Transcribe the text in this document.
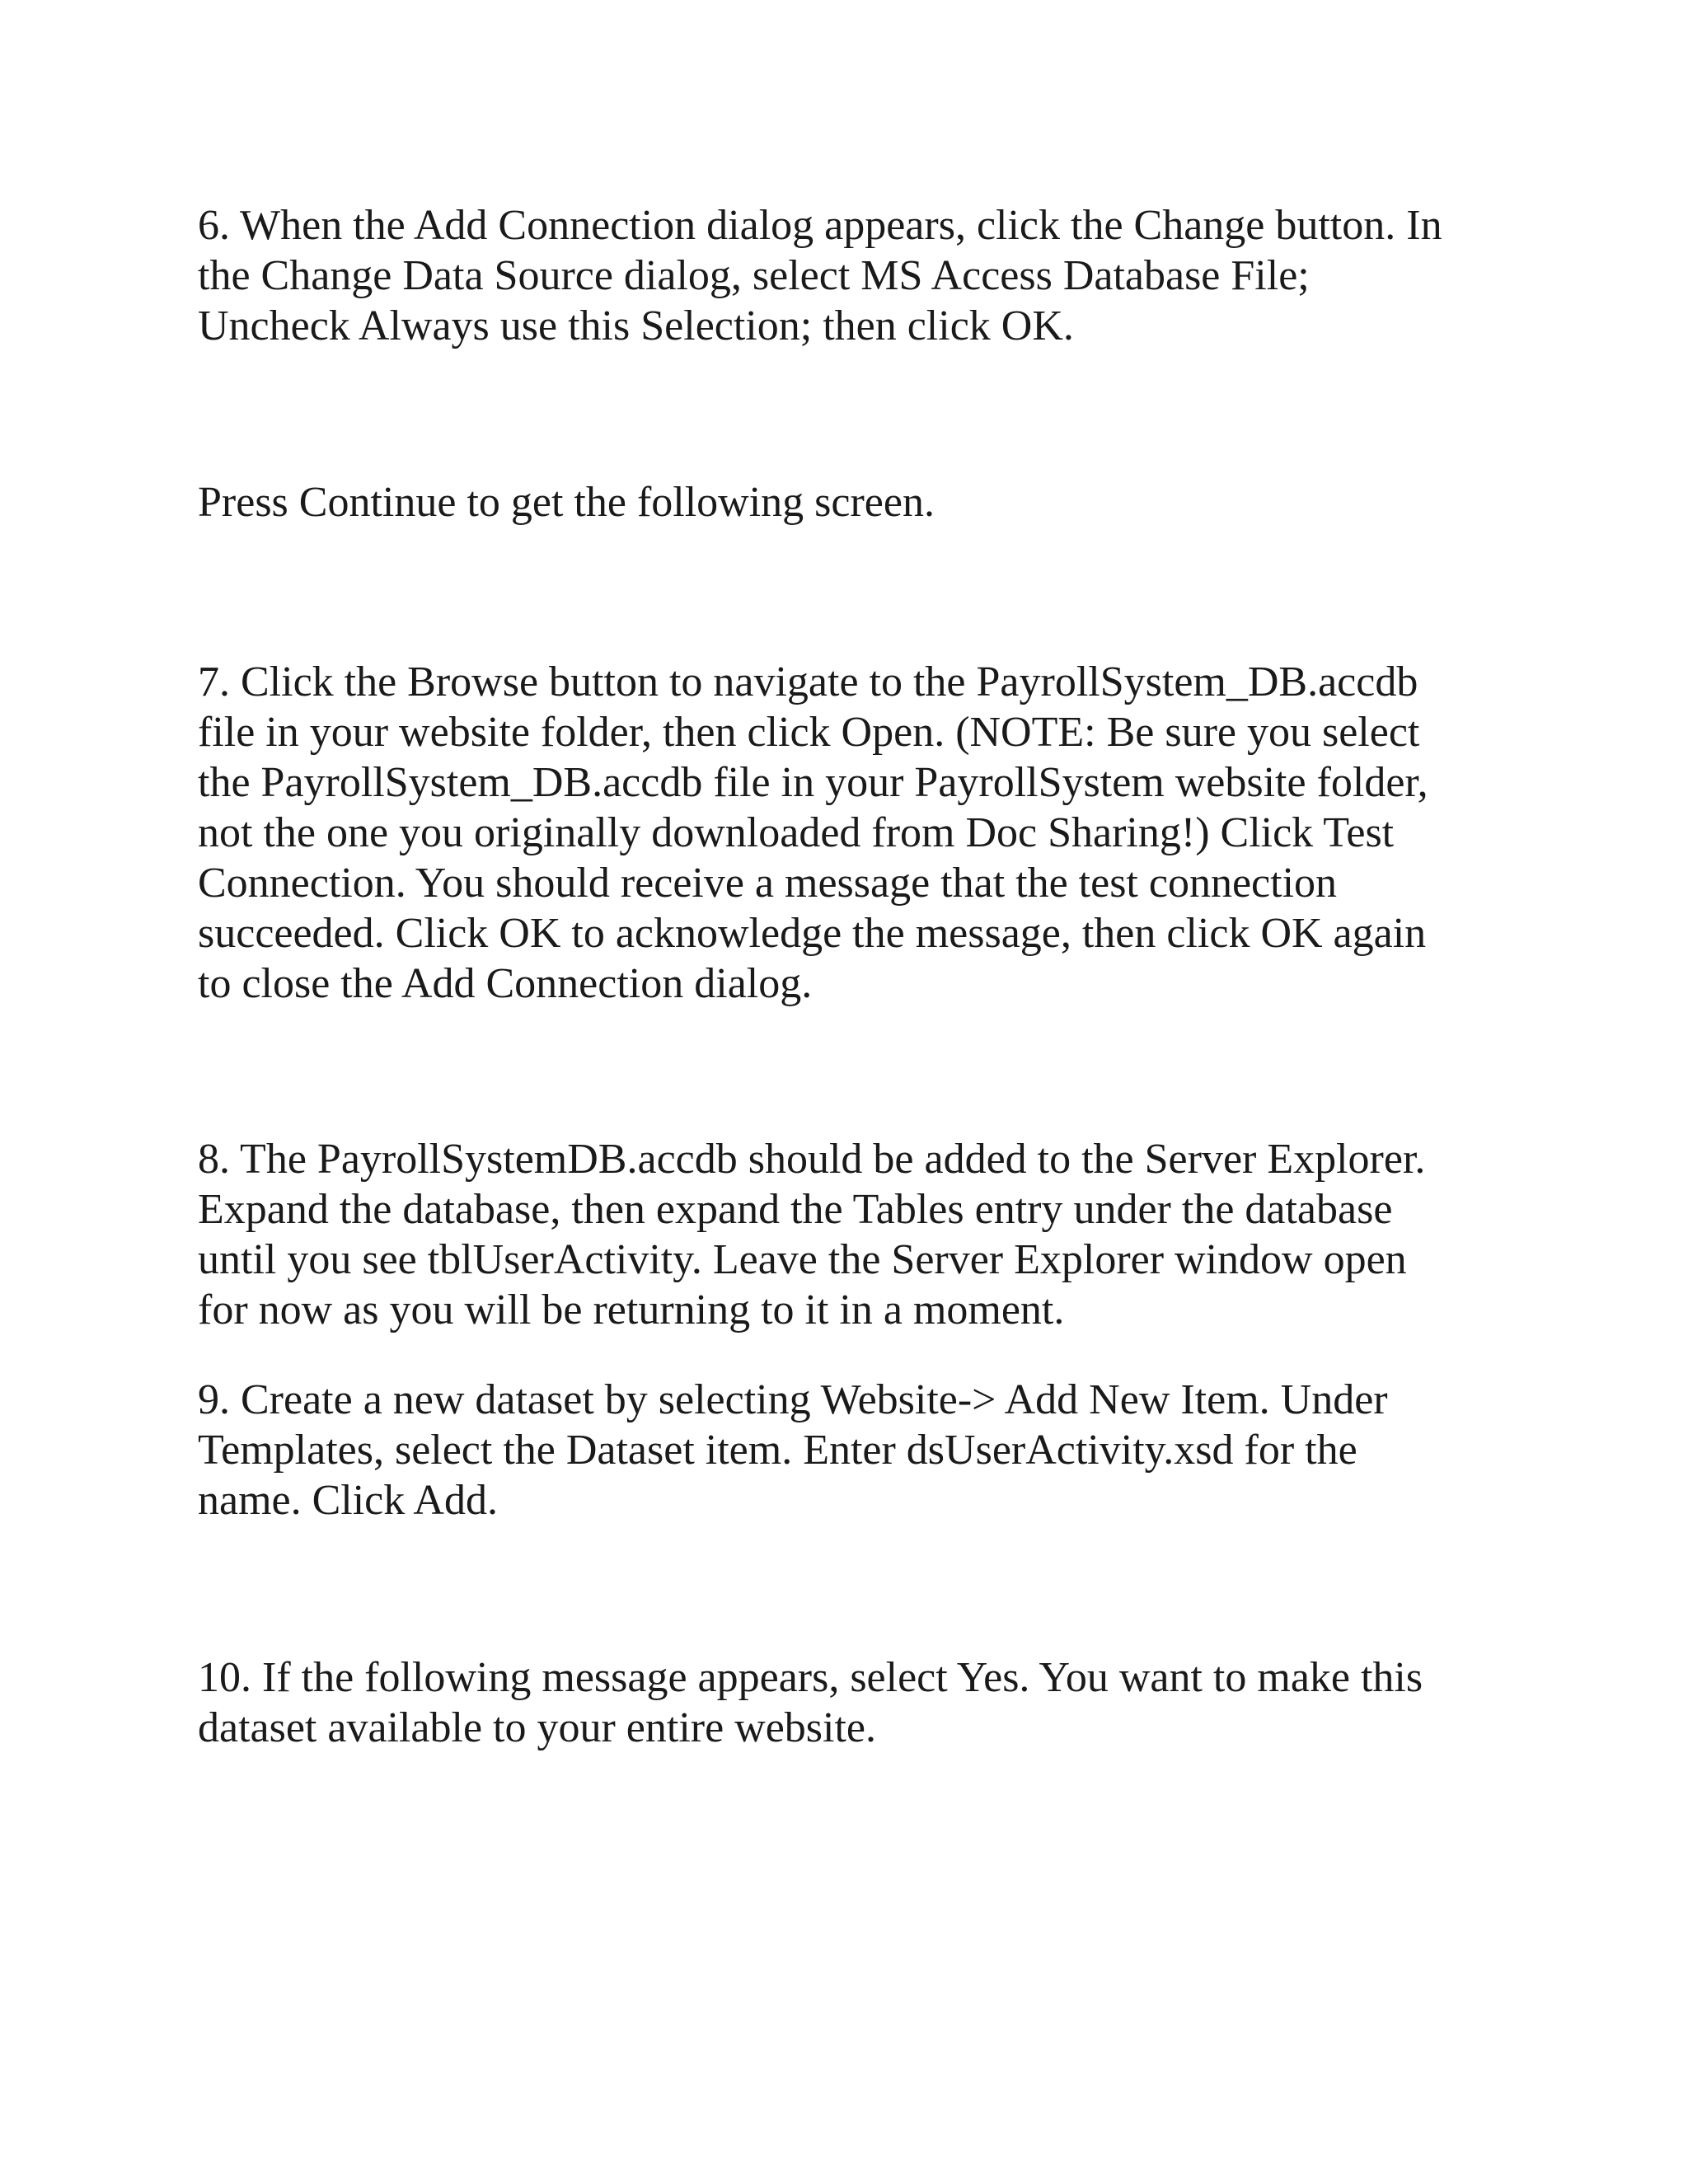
6. When the Add Connection dialog appears, click the Change button. In
the Change Data Source dialog, select MS Access Database File;
Uncheck Always use this Selection; then click OK.

Press Continue to get the following screen.

7. Click the Browse button to navigate to the PayrollSystem_DB.accdb
file in your website folder, then click Open. (NOTE: Be sure you select
the PayrollSystem_DB.accdb file in your PayrollSystem website folder,
not the one you originally downloaded from Doc Sharing!) Click Test
Connection. You should receive a message that the test connection
succeeded. Click OK to acknowledge the message, then click OK again
to close the Add Connection dialog.

8. The PayrollSystemDB.accdb should be added to the Server Explorer.
Expand the database, then expand the Tables entry under the database
until you see tblUserActivity. Leave the Server Explorer window open
for now as you will be returning to it in a moment.

9. Create a new dataset by selecting Website-> Add New Item. Under
Templates, select the Dataset item. Enter dsUserActivity.xsd for the
name. Click Add.

10. If the following message appears, select Yes. You want to make this
dataset available to your entire website.
